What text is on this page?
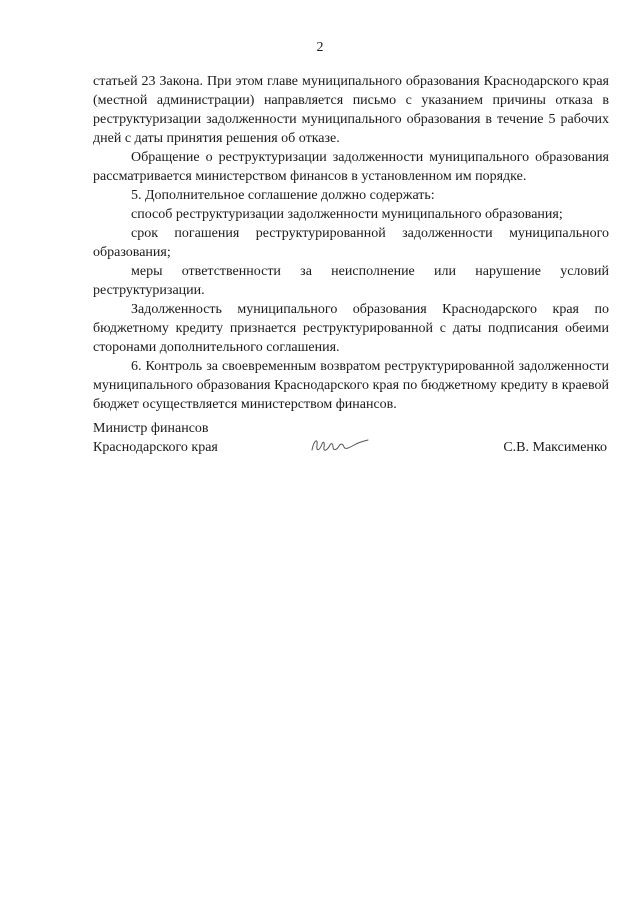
2

статьей 23 Закона. При этом главе муниципального образования Краснодарского края (местной администрации) направляется письмо с указанием причины отказа в реструктуризации задолженности муниципального образования в течение 5 рабочих дней с даты принятия решения об отказе.

Обращение о реструктуризации задолженности муниципального образования рассматривается министерством финансов в установленном им порядке.

5. Дополнительное соглашение должно содержать:

способ реструктуризации задолженности муниципального образования;

срок погашения реструктурированной задолженности муниципального образования;

меры ответственности за неисполнение или нарушение условий реструктуризации.

Задолженность муниципального образования Краснодарского края по бюджетному кредиту признается реструктурированной с даты подписания обеими сторонами дополнительного соглашения.

6. Контроль за своевременным возвратом реструктурированной задолженности муниципального образования Краснодарского края по бюджетному кредиту в краевой бюджет осуществляется министерством финансов.

Министр финансов
Краснодарского края	С.В. Максименко
